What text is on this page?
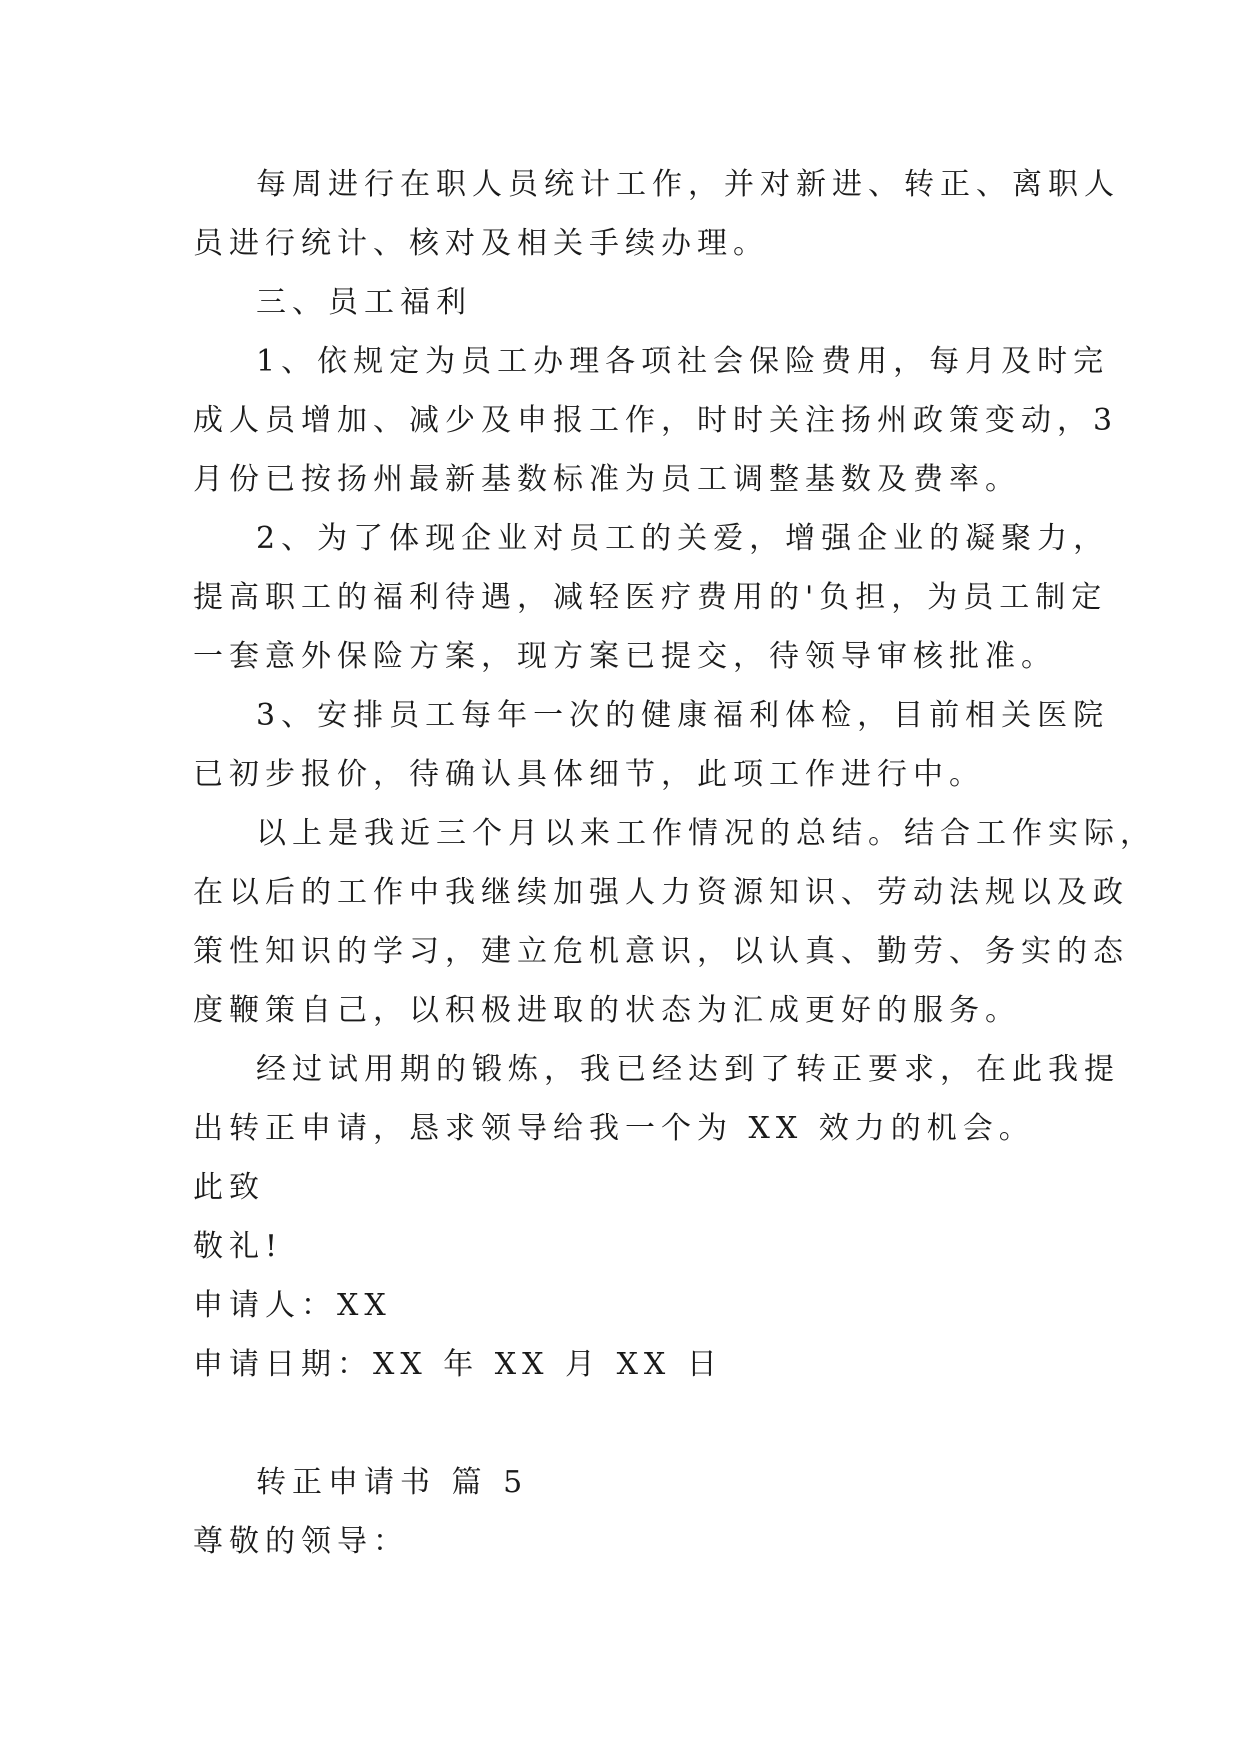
每周进行在职人员统计工作，并对新进、转正、离职人
员进行统计、核对及相关手续办理。
三、员工福利
1、依规定为员工办理各项社会保险费用，每月及时完
成人员增加、减少及申报工作，时时关注扬州政策变动，3
月份已按扬州最新基数标准为员工调整基数及费率。
2、为了体现企业对员工的关爱，增强企业的凝聚力，
提高职工的福利待遇，减轻医疗费用的'负担，为员工制定
一套意外保险方案，现方案已提交，待领导审核批准。
3、安排员工每年一次的健康福利体检，目前相关医院
已初步报价，待确认具体细节，此项工作进行中。
以上是我近三个月以来工作情况的总结。结合工作实际，
在以后的工作中我继续加强人力资源知识、劳动法规以及政
策性知识的学习，建立危机意识，以认真、勤劳、务实的态
度鞭策自己，以积极进取的状态为汇成更好的服务。
经过试用期的锻炼，我已经达到了转正要求，在此我提
出转正申请，恳求领导给我一个为 XX 效力的机会。
此致
敬礼!
申请人：XX
申请日期：XX 年 XX 月 XX 日
转正申请书 篇 5
尊敬的领导：
